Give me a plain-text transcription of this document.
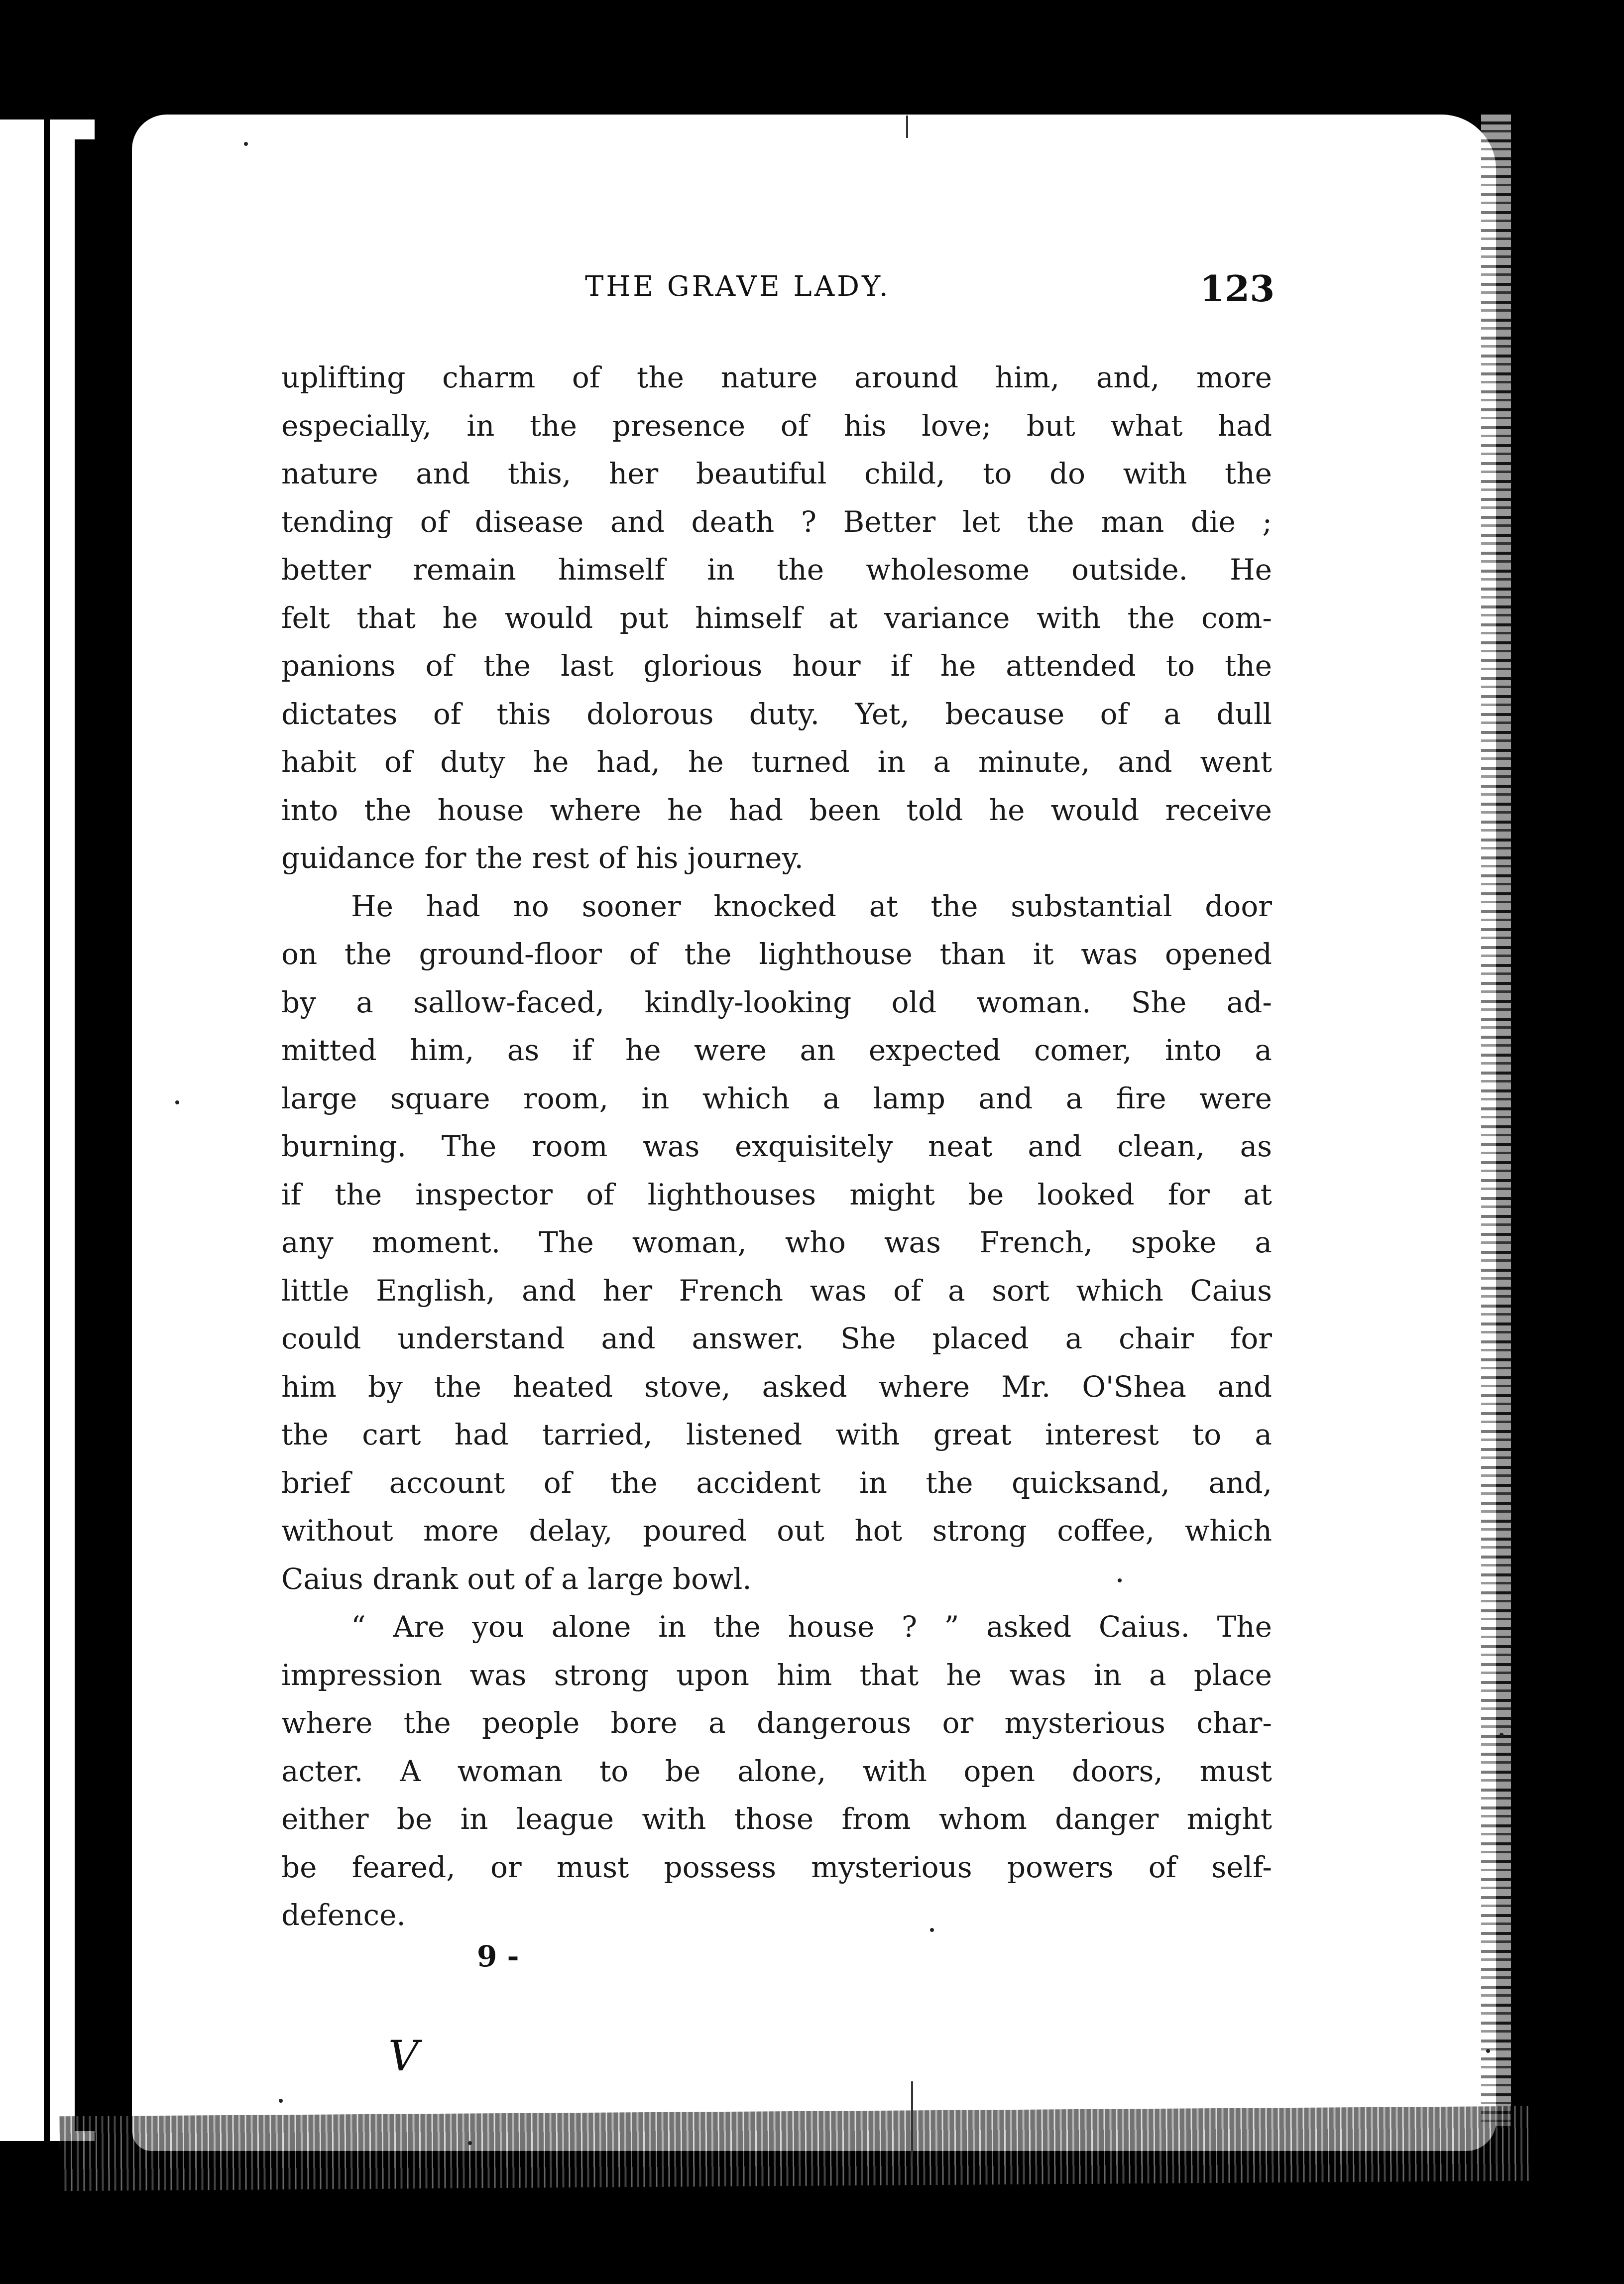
THE GRAVE LADY.	123
uplifting charm of the nature around him, and, more
especially, in the presence of his love; but what had
nature and this, her beautiful child, to do with the
tending of disease and death ? Better let the man die ;
better remain himself in the wholesome outside. He
felt that he would put himself at variance with the com-
panions of the last glorious hour if he attended to the
dictates of this dolorous duty. Yet, because of a dull
habit of duty he had, he turned in a minute, and went
into the house where he had been told he would receive
guidance for the rest of his journey.
He had no sooner knocked at the substantial door
on the ground-floor of the lighthouse than it was opened
by a sallow-faced, kindly-looking old woman. She ad-
mitted him, as if he were an expected comer, into a
large square room, in which a lamp and a fire were
burning. The room was exquisitely neat and clean, as
if the inspector of lighthouses might be looked for at
any moment. The woman, who was French, spoke a
little English, and her French was of a sort which Caius
could understand and answer. She placed a chair for
him by the heated stove, asked where Mr. O'Shea and
the cart had tarried, listened with great interest to a
brief account of the accident in the quicksand, and,
without more delay, poured out hot strong coffee, which
Caius drank out of a large bowl.
“ Are you alone in the house ? ” asked Caius. The
impression was strong upon him that he was in a place
where the people bore a dangerous or mysterious char-
acter. A woman to be alone, with open doors, must
either be in league with those from whom danger might
be feared, or must possess mysterious powers of self-
defence.
9 -
V
